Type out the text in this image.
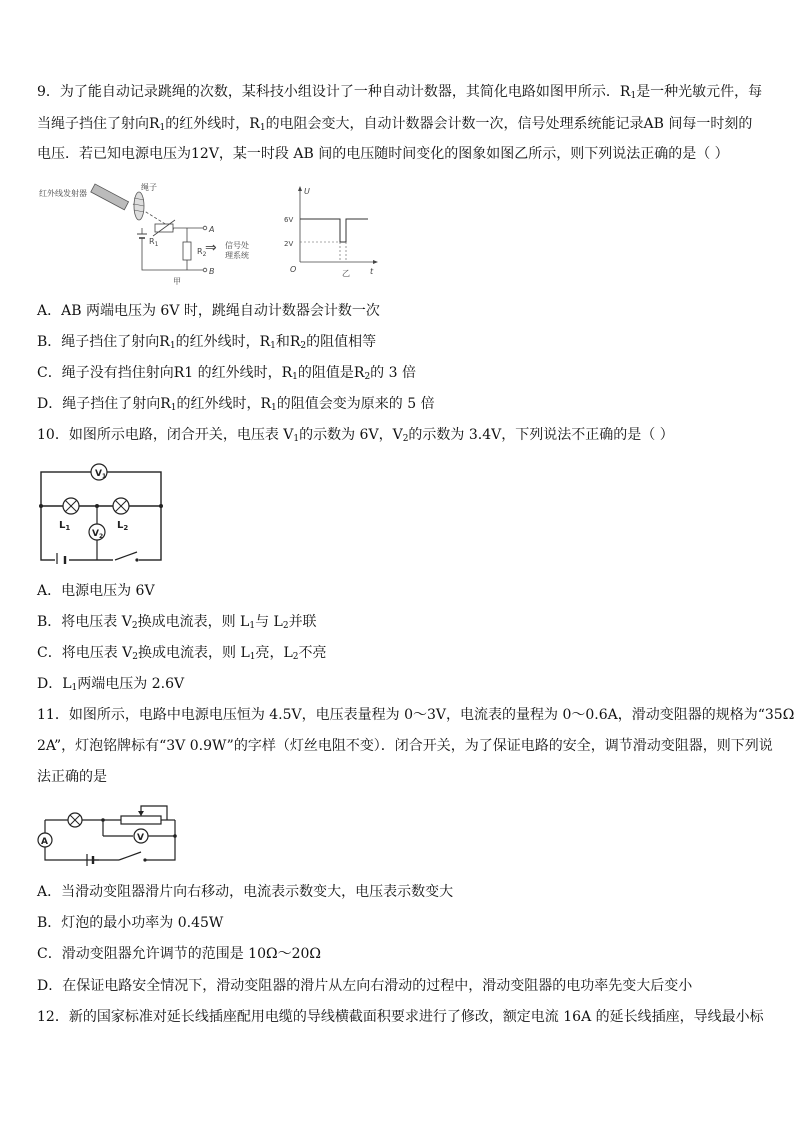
9．为了能自动记录跳绳的次数，某科技小组设计了一种自动计数器，其简化电路如图甲所示．$R_1$是一种光敏元件，每
当绳子挡住了射向$R_1$的红外线时，$R_1$的电阻会变大，自动计数器会计数一次，信号处理系统能记录AB 间每一时刻的
电压．若已知电源电压为12V，某一时段 AB 间的电压随时间变化的图象如图乙所示，则下列说法正确的是（ ）
红外线发射器
绳子
$R_1$
$R_2$
A
B
⇒ 信号处
理系统
甲
U
t
O
6V
2V
乙
A．AB 两端电压为 6V 时，跳绳自动计数器会计数一次
B．绳子挡住了射向$R_1$的红外线时，$R_1$和$R_2$的阻值相等
C．绳子没有挡住射向R1 的红外线时，$R_1$的阻值是$R_2$的 3 倍
D．绳子挡住了射向$R_1$的红外线时，$R_1$的阻值会变为原来的 5 倍
10．如图所示电路，闭合开关，电压表 $V_1$的示数为 6V，$V_2$的示数为 3.4V，下列说法不正确的是（ ）
$V_1$
$V_2$
$L_1$	$L_2$
A．电源电压为 6V
B．将电压表 $V_2$换成电流表，则 $L_1$与 $L_2$并联
C．将电压表 $V_2$换成电流表，则 $L_1$亮，$L_2$不亮
D．$L_1$两端电压为 2.6V
11．如图所示，电路中电源电压恒为 4.5V，电压表量程为 0～3V，电流表的量程为 0～0.6A，滑动变阻器的规格为“35Ω
2A”，灯泡铭牌标有“3V 0.9W”的字样（灯丝电阻不变）．闭合开关，为了保证电路的安全，调节滑动变阻器，则下列说
法正确的是
A	V
A．当滑动变阻器滑片向右移动，电流表示数变大，电压表示数变大
B．灯泡的最小功率为 0.45W
C．滑动变阻器允许调节的范围是 10Ω～20Ω
D．在保证电路安全情况下，滑动变阻器的滑片从左向右滑动的过程中，滑动变阻器的电功率先变大后变小
12．新的国家标准对延长线插座配用电缆的导线横截面积要求进行了修改，额定电流 16A 的延长线插座，导线最小标
